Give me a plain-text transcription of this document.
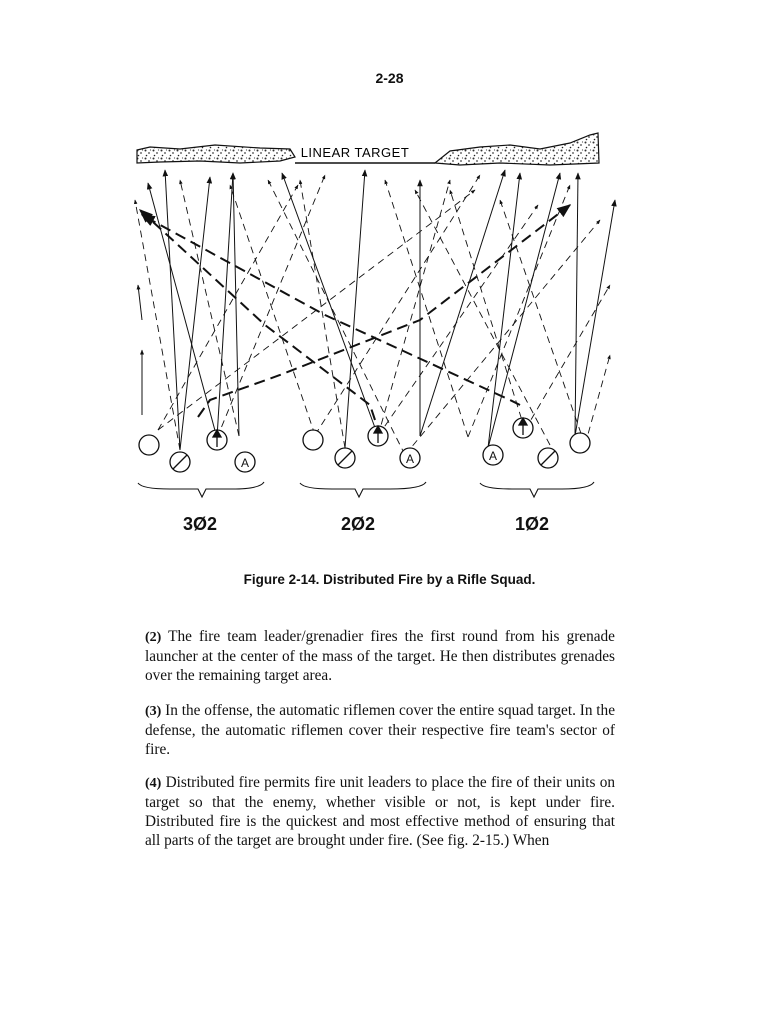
2-28
LINEAR TARGET
A	A	A
3Ø2	2Ø2	1Ø2
Figure 2-14. Distributed Fire by a Rifle Squad.

(2) The fire team leader/grenadier fires the first round from his grenade launcher at the center of the mass of the target. He then distributes grenades over the remaining target area.

(3) In the offense, the automatic riflemen cover the entire squad target. In the defense, the automatic riflemen cover their respective fire team's sector of fire.

(4) Distributed fire permits fire unit leaders to place the fire of their units on target so that the enemy, whether visible or not, is kept under fire. Distributed fire is the quickest and most effective method of ensuring that all parts of the target are brought under fire. (See fig. 2-15.) When
